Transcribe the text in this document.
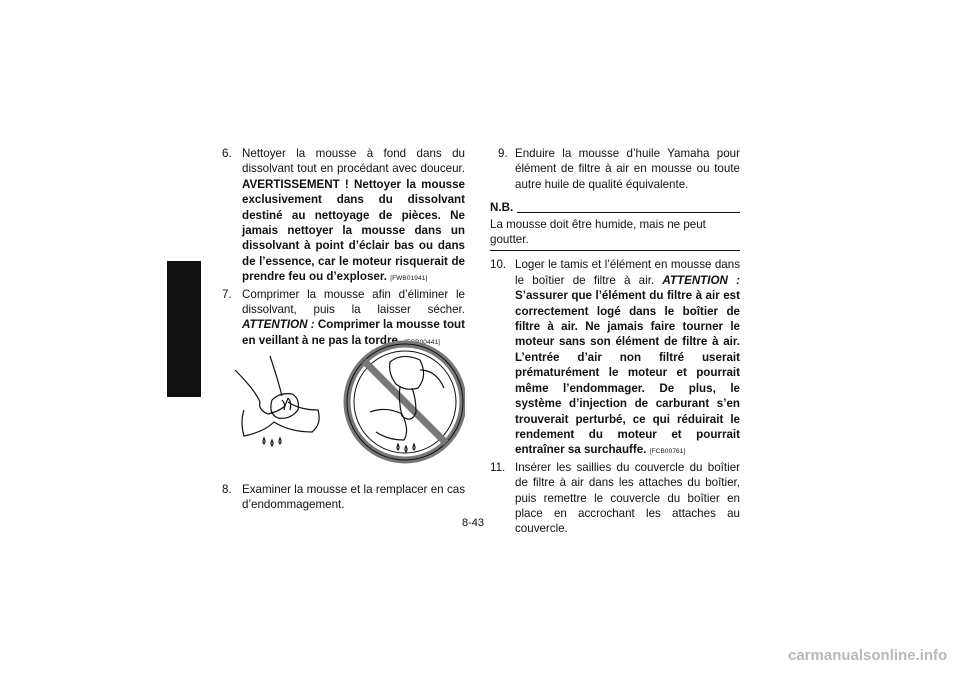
8
6. Nettoyer la mousse à fond dans du dissolvant tout en procédant avec douceur. AVERTISSEMENT ! Nettoyer la mousse exclusivement dans du dissolvant destiné au nettoyage de pièces. Ne jamais nettoyer la mousse dans un dissolvant à point d’éclair bas ou dans de l’essence, car le moteur risquerait de prendre feu ou d’exploser. [FWB01941]
7. Comprimer la mousse afin d’éliminer le dissolvant, puis la laisser sécher. ATTENTION : Comprimer la mousse tout en veillant à ne pas la tordre. [FCB00441]
8. Examiner la mousse et la remplacer en cas d’endommagement.
9. Enduire la mousse d’huile Yamaha pour élément de filtre à air en mousse ou toute autre huile de qualité équivalente.
N.B.
La mousse doit être humide, mais ne peut goutter.
10. Loger le tamis et l’élément en mousse dans le boîtier de filtre à air. ATTENTION : S’assurer que l’élément du filtre à air est correctement logé dans le boîtier de filtre à air. Ne jamais faire tourner le moteur sans son élément de filtre à air. L’entrée d’air non filtré userait prématurément le moteur et pourrait même l’endommager. De plus, le système d’injection de carburant s’en trouverait perturbé, ce qui réduirait le rendement du moteur et pourrait entraîner sa surchauffe. [FCB00761]
11. Insérer les saillies du couvercle du boîtier de filtre à air dans les attaches du boîtier, puis remettre le couvercle du boîtier en place en accrochant les attaches au couvercle.
8-43
carmanualsonline.info
